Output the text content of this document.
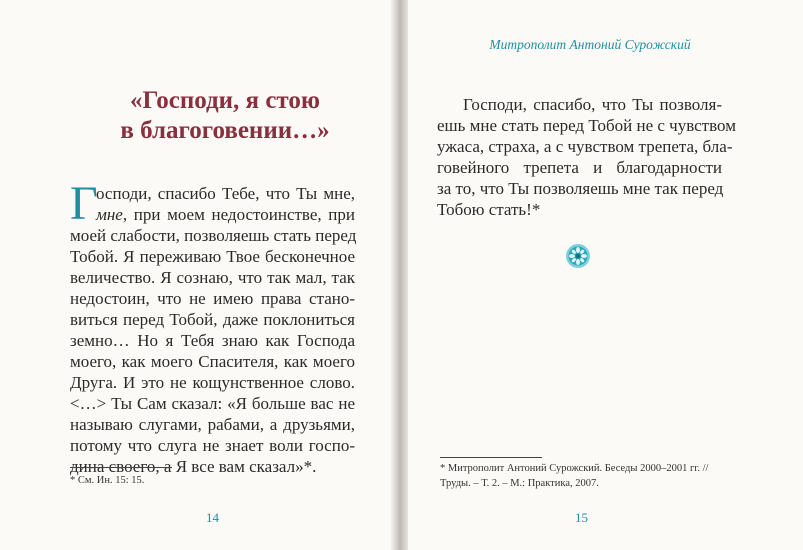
«Господи, я стою
в благоговении…»
Г
осподи, спасибо Тебе, что Ты мне,
мне, при моем недостоинстве, при
моей слабости, позволяешь стать перед
Тобой. Я переживаю Твое бесконечное
величество. Я сознаю, что так мал, так
недостоин, что не имею права стано-
виться перед Тобой, даже поклониться
земно… Но я Тебя знаю как Господа
моего, как моего Спасителя, как моего
Друга. И это не кощунственное слово.
<…> Ты Сам сказал: «Я больше вас не
называю слугами, рабами, а друзьями,
потому что слуга не знает воли госпо-
дина своего, а Я все вам сказал»*.
* См. Ин. 15: 15.
14
Митрополит Антоний Сурожский
Господи, спасибо, что Ты позволя-
ешь мне стать перед Тобой не с чувством
ужаса, страха, а с чувством трепета, бла-
говейного трепета и благодарности
за то, что Ты позволяешь мне так перед
Тобою стать!*
* Митрополит Антоний Сурожский. Беседы 2000–2001 гг. //
Труды. – Т. 2. – М.: Практика, 2007.
15
